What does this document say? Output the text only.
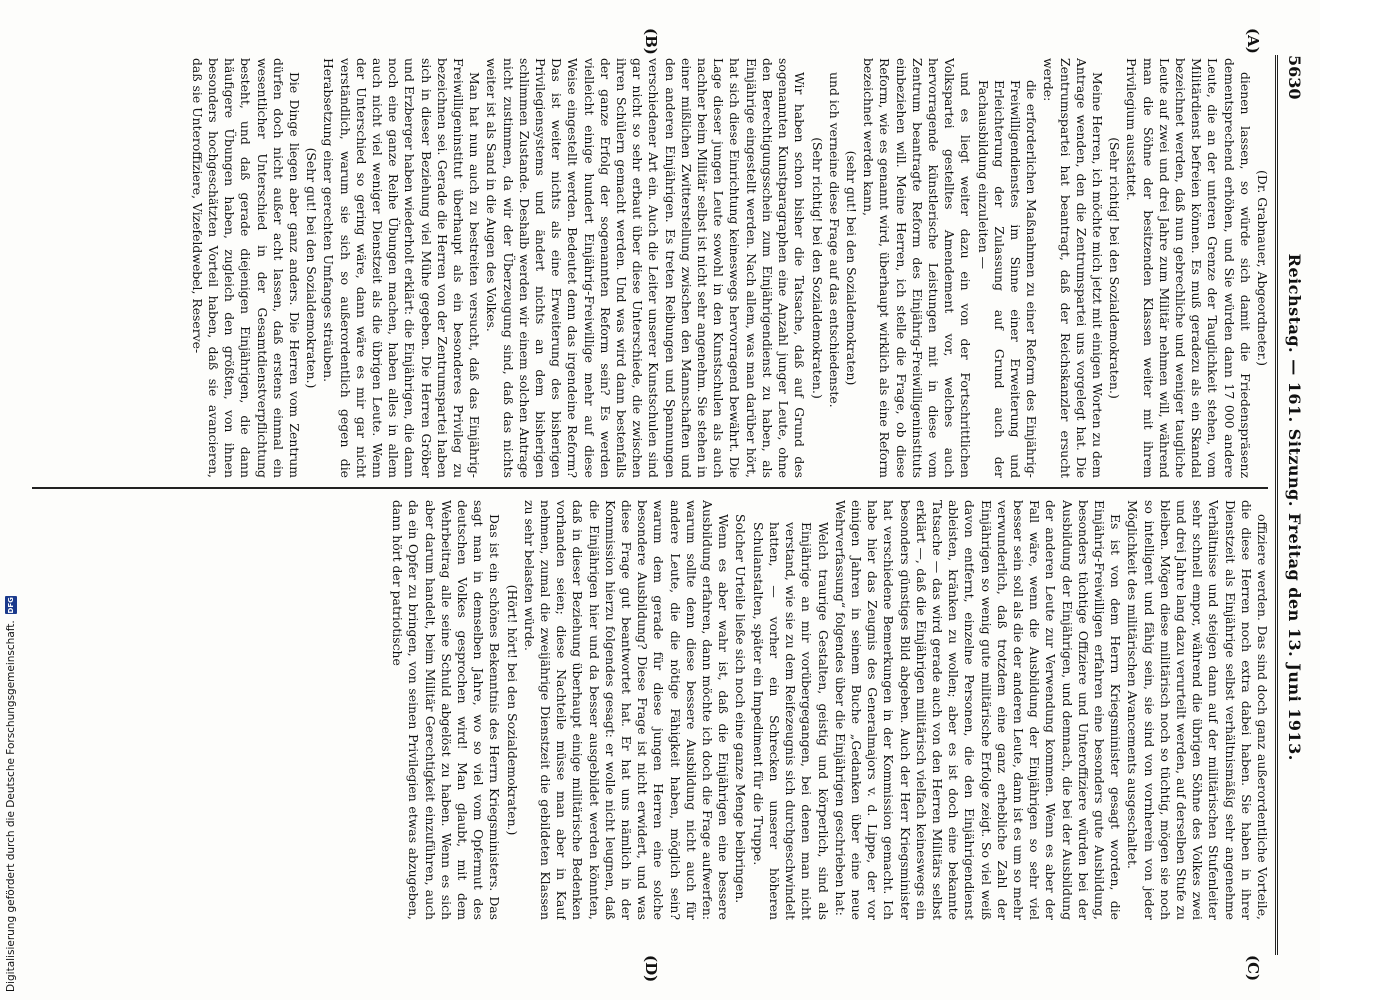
5630
Reichstag. — 161. Sitzung. Freitag den 13. Juni 1913.
(A)
(B)
(C)
(D)

(Dr. Grabnauer, Abgeordneter.)

dienen lassen, so würde sich damit die Friedenspräsenz dementsprechend erhöhen, und Sie würden dann 17 000 andere Leute, die an der unteren Grenze der Tauglichkeit stehen, vom Militärdienst befreien können. Es muß geradezu als ein Skandal bezeichnet werden, daß nun gebrechliche und weniger taugliche Leute auf zwei und drei Jahre zum Militär nehmen will, während man die Söhne der besitzenden Klassen weiter mit ihrem Privilegium ausstattet.

(Sehr richtig! bei den Sozialdemokraten.)

Meine Herren, ich möchte mich jetzt mit einigen Worten zu dem Antrage wenden, den die Zentrumspartei uns vorgelegt hat. Die Zentrumspartei hat beantragt, daß der Reichskanzler ersucht werde:

die erforderlichen Maßnahmen zu einer Reform des Einjährig-Freiwilligendienstes im Sinne einer Erweiterung und Erleichterung der Zulassung auf Grund auch der Fachausbildung einzuleiten —

und es liegt weiter dazu ein von der Fortschrittlichen Volkspartei gestelltes Amendement vor, welches auch hervorragende künstlerische Leistungen mit in diese vom Zentrum beantragte Reform des Einjährig-Freiwilligeninstituts einbeziehen will. Meine Herren, ich stelle die Frage, ob diese Reform, wie es genannt wird, überhaupt wirklich als eine Reform bezeichnet werden kann,

(sehr gut! bei den Sozialdemokraten)

und ich verneine diese Frage auf das entschiedenste.

(Sehr richtig! bei den Sozialdemokraten.)

Wir haben schon bisher die Tatsache, daß auf Grund des sogenannten Kunstparagraphen eine Anzahl junger Leute, ohne den Berechtigungsschein zum Einjährigendienst zu haben, als Einjährige eingestellt werden. Nach allem, was man darüber hört, hat sich diese Einrichtung keineswegs hervorragend bewährt. Die Lage dieser jungen Leute sowohl in den Kunstschulen als auch nachher beim Militär selbst ist nicht sehr angenehm. Sie stehen in einer mißlichen Zwitterstellung zwischen den Mannschaften und den anderen Einjährigen. Es treten Reibungen und Spannungen verschiedener Art ein. Auch die Leiter unserer Kunstschulen sind gar nicht so sehr erbaut über diese Unterschiede, die zwischen ihren Schülern gemacht werden. Und was wird dann bestenfalls der ganze Erfolg der sogenannten Reform sein? Es werden vielleicht einige hundert Einjährig-Freiwillige mehr auf diese Weise eingestellt werden. Bedeutet denn das irgendeine Reform? Das ist weiter nichts als eine Erweiterung des bisherigen Privilegiensystems und ändert nichts an dem bisherigen schlimmen Zustande. Deshalb werden wir einem solchen Antrage nicht zustimmen, da wir der Überzeugung sind, daß das nichts weiter ist als Sand in die Augen des Volkes.

Man hat nun auch zu bestreiten versucht, daß das Einjährig-Freiwilligeninstitut überhaupt als ein besonderes Privileg zu bezeichnen sei. Gerade die Herren von der Zentrumspartei haben sich in dieser Beziehung viel Mühe gegeben. Die Herren Gröber und Erzberger haben wiederholt erklärt: die Einjährigen, die dann noch eine ganze Reihe Übungen machen, haben alles in allem auch nicht viel weniger Dienstzeit als die übrigen Leute. Wenn der Unterschied so gering wäre, dann wäre es mir gar nicht verständlich, warum sie sich so außerordentlich gegen die Herabsetzung einer gerechten Umfanges sträuben.

(Sehr gut! bei den Sozialdemokraten.)

Die Dinge liegen aber ganz anders. Die Herren vom Zentrum dürfen doch nicht außer acht lassen, daß erstens einmal ein wesentlicher Unterschied in der Gesamtdienstverpflichtung besteht, und daß gerade diejenigen Einjährigen, die dann häufigere Übungen haben, zugleich den größten, von ihnen besonders hochgeschätzten Vorteil haben, daß sie avancieren, daß sie Unteroffiziere, Vizefeldwebel, Reserve-

offiziere werden. Das sind doch ganz außerordentliche Vorteile, die diese Herren noch extra dabei haben. Sie haben in ihrer Dienstzeit als Einjährige selbst verhältnismäßig sehr angenehme Verhältnisse und steigen dann auf der militärischen Stufenleiter sehr schnell empor, während die übrigen Söhne des Volkes zwei und drei Jahre lang dazu verurteilt werden, auf derselben Stufe zu bleiben. Mögen diese militärisch noch so tüchtig, mögen sie noch so intelligent und fähig sein, sie sind von vornherein von jeder Möglichkeit des militärischen Avancements ausgeschaltet.

Es ist von dem Herrn Kriegsminister gesagt worden, die Einjährig-Freiwilligen erfahren eine besonders gute Ausbildung, besonders tüchtige Offiziere und Unteroffiziere würden bei der Ausbildung der Einjährigen, und demnach, die bei der Ausbildung der anderen Leute zur Verwendung kommen. Wenn es aber der Fall wäre, wenn die Ausbildung der Einjährigen so sehr viel besser sein soll als die der anderen Leute, dann ist es um so mehr verwunderlich, daß trotzdem eine ganz erhebliche Zahl der Einjährigen so wenig gute militärische Erfolge zeigt. So viel weiß davon entfernt, einzelne Personen, die den Einjährigendienst ableisten, kränken zu wollen; aber es ist doch eine bekannte Tatsache — das wird gerade auch von den Herren Militärs selbst erklärt —, daß die Einjährigen militärisch vielfach keineswegs ein besonders günstiges Bild abgeben. Auch der Herr Kriegsminister hat verschiedene Bemerkungen in der Kommission gemacht. Ich habe hier das Zeugnis des Generalmajors v. d. Lippe, der vor einigen Jahren in seinem Buche „Gedanken über eine neue Wehrverfassung“ folgendes über die Einjährigen geschrieben hat:

Welch traurige Gestalten, geistig und körperlich, sind als Einjährige an mir vorübergegangen, bei denen man nicht verstand, wie sie zu dem Reifezeugnis sich durchgeschwindelt hatten, — vorher ein Schrecken unserer höheren Schulanstalten, später ein Impediment für die Truppe.

Solcher Urteile ließe sich noch eine ganze Menge beibringen.

Wenn es aber wahr ist, daß die Einjährigen eine bessere Ausbildung erfahren, dann möchte ich doch die Frage aufwerfen: warum sollte denn diese bessere Ausbildung nicht auch für andere Leute, die die nötige Fähigkeit haben, möglich sein? warum dem gerade für diese jungen Herren eine solche besondere Ausbildung? Diese Frage ist nicht erwidert, und was diese Frage gut beantwortet hat. Er hat uns nämlich in der Kommission hierzu folgendes gesagt: er wolle nicht leugnen, daß die Einjährigen hier und da besser ausgebildet werden könnten, daß in dieser Beziehung überhaupt einige militärische Bedenken vorhanden seien; diese Nachteile müsse man aber in Kauf nehmen, zumal die zweijährige Dienstzeit die gebildeten Klassen zu sehr belasten würde.

(Hört! hört! bei den Sozialdemokraten.)

Das ist ein schönes Bekenntnis des Herrn Kriegsministers. Das sagt man in demselben Jahre, wo so viel vom Opfermut des deutschen Volkes gesprochen wird! Man glaubt, mit dem Wehrbeitrag alle seine Schuld abgelöst zu haben. Wenn es sich aber darum handelt, beim Militär Gerechtigkeit einzuführen, auch da ein Opfer zu bringen, von seinen Privilegien etwas abzugeben, dann hört der patriotische

Digitalisierung gefördert durch die Deutsche Forschungsgemeinschaft.
DFG
